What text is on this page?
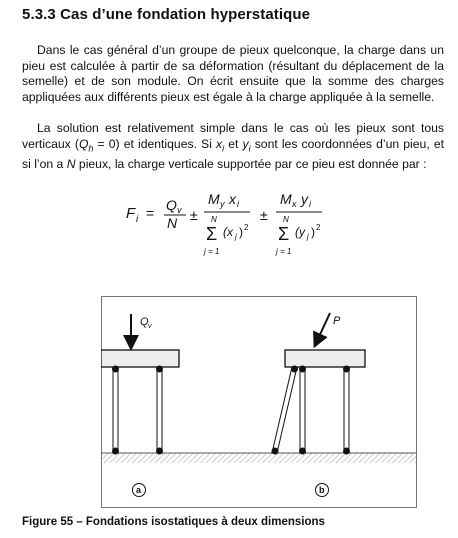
5.3.3 Cas d’une fondation hyperstatique
Dans le cas général d’un groupe de pieux quelconque, la charge dans un pieu est calculée à partir de sa déformation (résultant du déplacement de la semelle) et de son module. On écrit ensuite que la somme des charges appliquées aux différents pieux est égale à la charge appliquée à la semelle.
La solution est relativement simple dans le cas où les pieux sont tous verticaux $(Q_h = 0)$ et identiques. Si $x_i$ et $y_i$ sont les coordonnées d’un pieu, et si l’on a N pieux, la charge verticale supportée par ce pieu est donnée par :
F i = Q v
N ±
M y x i
N
Σ
j = 1
(x j ) 2
±
M x y i
N
Σ
j = 1
(y j ) 2
Q v
a
P
b
Figure 55 – Fondations isostatiques à deux dimensions
